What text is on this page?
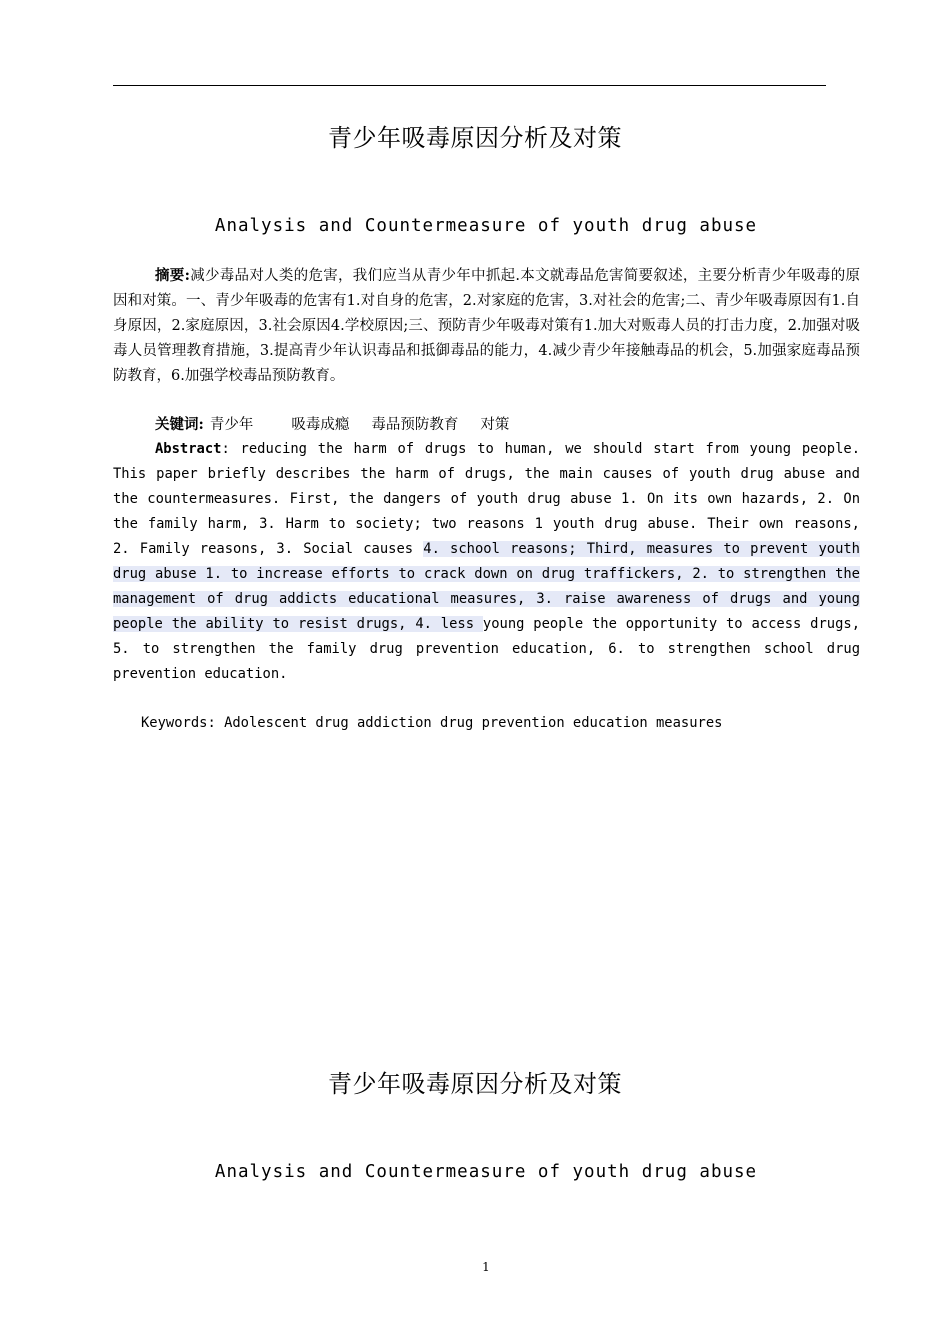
青少年吸毒原因分析及对策
Analysis and Countermeasure of youth drug abuse

摘要:减少毒品对人类的危害，我们应当从青少年中抓起.本文就毒品危害简要叙述，主要分析青少年吸毒的原因和对策。一、青少年吸毒的危害有1.对自身的危害，2.对家庭的危害，3.对社会的危害;二、青少年吸毒原因有1.自身原因，2.家庭原因，3.社会原因4.学校原因;三、预防青少年吸毒对策有1.加大对贩毒人员的打击力度，2.加强对吸毒人员管理教育措施，3.提高青少年认识毒品和抵御毒品的能力，4.减少青少年接触毒品的机会，5.加强家庭毒品预防教育，6.加强学校毒品预防教育。

关键词: 青少年	吸毒成瘾 毒品预防教育 对策

Abstract: reducing the harm of drugs to human, we should start from young people. This paper briefly describes the harm of drugs, the main causes of youth drug abuse and the countermeasures. First, the dangers of youth drug abuse 1. On its own hazards, 2. On the family harm, 3. Harm to society; two reasons 1 youth drug abuse. Their own reasons, 2. Family reasons, 3. Social causes 4. school reasons; Third, measures to prevent youth drug abuse 1. to increase efforts to crack down on drug traffickers, 2. to strengthen the management of drug addicts educational measures, 3. raise awareness of drugs and young people the ability to resist drugs, 4. less young people the opportunity to access drugs, 5. to strengthen the family drug prevention education, 6. to strengthen school drug prevention education.

Keywords: Adolescent drug addiction drug prevention education measures

青少年吸毒原因分析及对策
Analysis and Countermeasure of youth drug abuse
1
